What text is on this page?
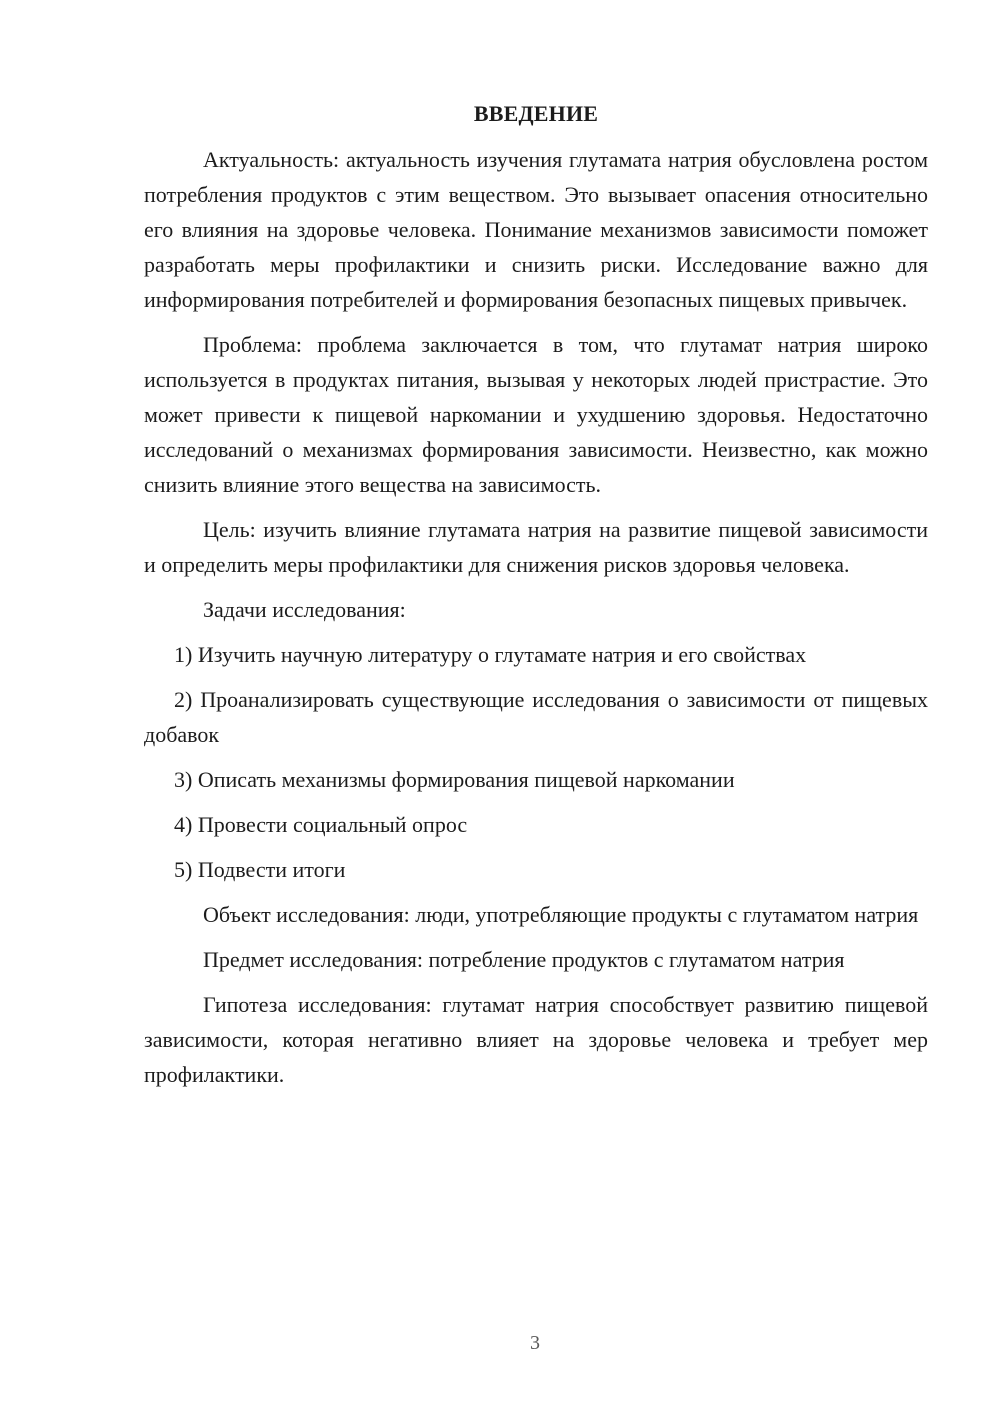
ВВЕДЕНИЕ

Актуальность: актуальность изучения глутамата натрия обусловлена ростом потребления продуктов с этим веществом. Это вызывает опасения относительно его влияния на здоровье человека. Понимание механизмов зависимости поможет разработать меры профилактики и снизить риски. Исследование важно для информирования потребителей и формирования безопасных пищевых привычек.

Проблема: проблема заключается в том, что глутамат натрия широко используется в продуктах питания, вызывая у некоторых людей пристрастие. Это может привести к пищевой наркомании и ухудшению здоровья. Недостаточно исследований о механизмах формирования зависимости. Неизвестно, как можно снизить влияние этого вещества на зависимость.

Цель: изучить влияние глутамата натрия на развитие пищевой зависимости и определить меры профилактики для снижения рисков здоровья человека.

Задачи исследования:

1) Изучить научную литературу о глутамате натрия и его свойствах

2) Проанализировать существующие исследования о зависимости от пищевых добавок

3) Описать механизмы формирования пищевой наркомании

4) Провести социальный опрос

5) Подвести итоги

Объект исследования: люди, употребляющие продукты с глутаматом натрия

Предмет исследования: потребление продуктов с глутаматом натрия

Гипотеза исследования: глутамат натрия способствует развитию пищевой зависимости, которая негативно влияет на здоровье человека и требует мер профилактики.

3
